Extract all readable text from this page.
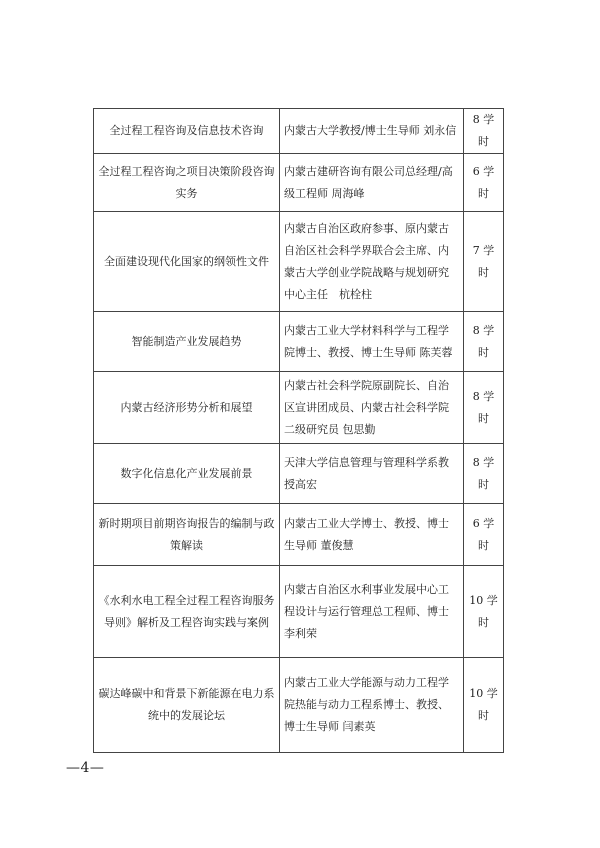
全过程工程咨询及信息技术咨询	内蒙古大学教授/博士生导师 刘永信	8 学时
全过程工程咨询之项目决策阶段咨询实务	内蒙古建研咨询有限公司总经理/高级工程师 周海峰	6 学时
全面建设现代化国家的纲领性文件	内蒙古自治区政府参事、原内蒙古自治区社会科学界联合会主席、内蒙古大学创业学院战略与规划研究中心主任　杭栓柱	7 学时
智能制造产业发展趋势	内蒙古工业大学材料科学与工程学院博士、教授、博士生导师 陈芙蓉	8 学时
内蒙古经济形势分析和展望	内蒙古社会科学院原副院长、自治区宣讲团成员、内蒙古社会科学院二级研究员 包思勤	8 学时
数字化信息化产业发展前景	天津大学信息管理与管理科学系教授高宏	8 学时
新时期项目前期咨询报告的编制与政策解读	内蒙古工业大学博士、教授、博士生导师 董俊慧	6 学时
《水利水电工程全过程工程咨询服务导则》解析及工程咨询实践与案例	内蒙古自治区水利事业发展中心工程设计与运行管理总工程师、博士 李利荣	10 学时
碳达峰碳中和背景下新能源在电力系统中的发展论坛	内蒙古工业大学能源与动力工程学院热能与动力工程系博士、教授、博士生导师 闫素英	10 学时
—4—
